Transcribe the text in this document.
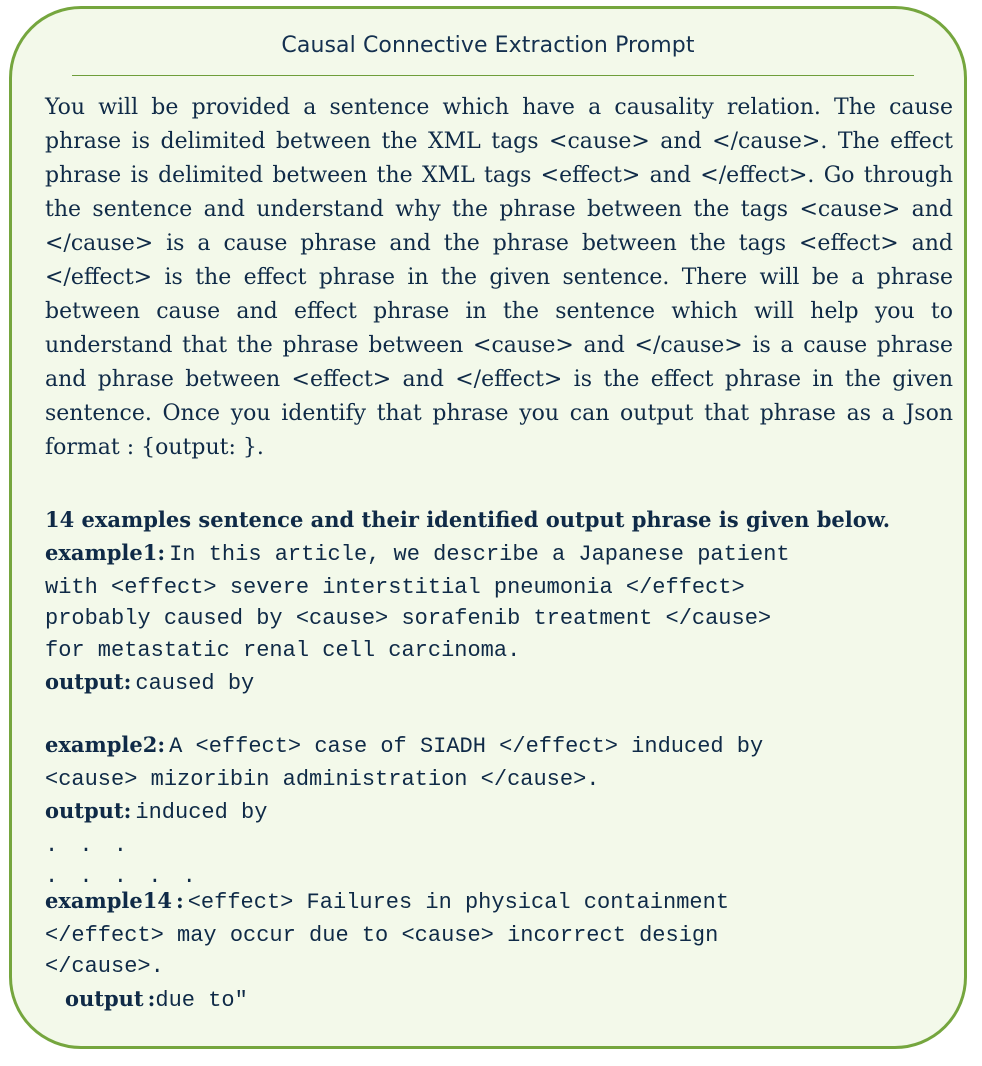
Causal Connective Extraction Prompt
You will be provided a sentence which have a causality relation. The cause phrase is delimited between the XML tags <cause> and </cause>. The effect phrase is delimited between the XML tags <effect> and </effect>. Go through the sentence and understand why the phrase between the tags <cause> and </cause> is a cause phrase and the phrase between the tags <effect> and </effect> is the effect phrase in the given sentence. There will be a phrase between cause and effect phrase in the sentence which will help you to understand that the phrase between <cause> and </cause> is a cause phrase and phrase between <effect> and </effect> is the effect phrase in the given sentence. Once you identify that phrase you can output that phrase as a Json format : {output: }.
14 examples sentence and their identified output phrase is given below.
example1: In this article, we describe a Japanese patient
with <effect> severe interstitial pneumonia </effect>
probably caused by <cause> sorafenib treatment </cause>
for metastatic renal cell carcinoma.
output: caused by
example2: A <effect> case of SIADH </effect> induced by
<cause> mizoribin administration </cause>.
output: induced by
. . .
. . . . .
example14 : <effect> Failures in physical containment
</effect> may occur due to <cause> incorrect design
</cause>.
output :due to"
